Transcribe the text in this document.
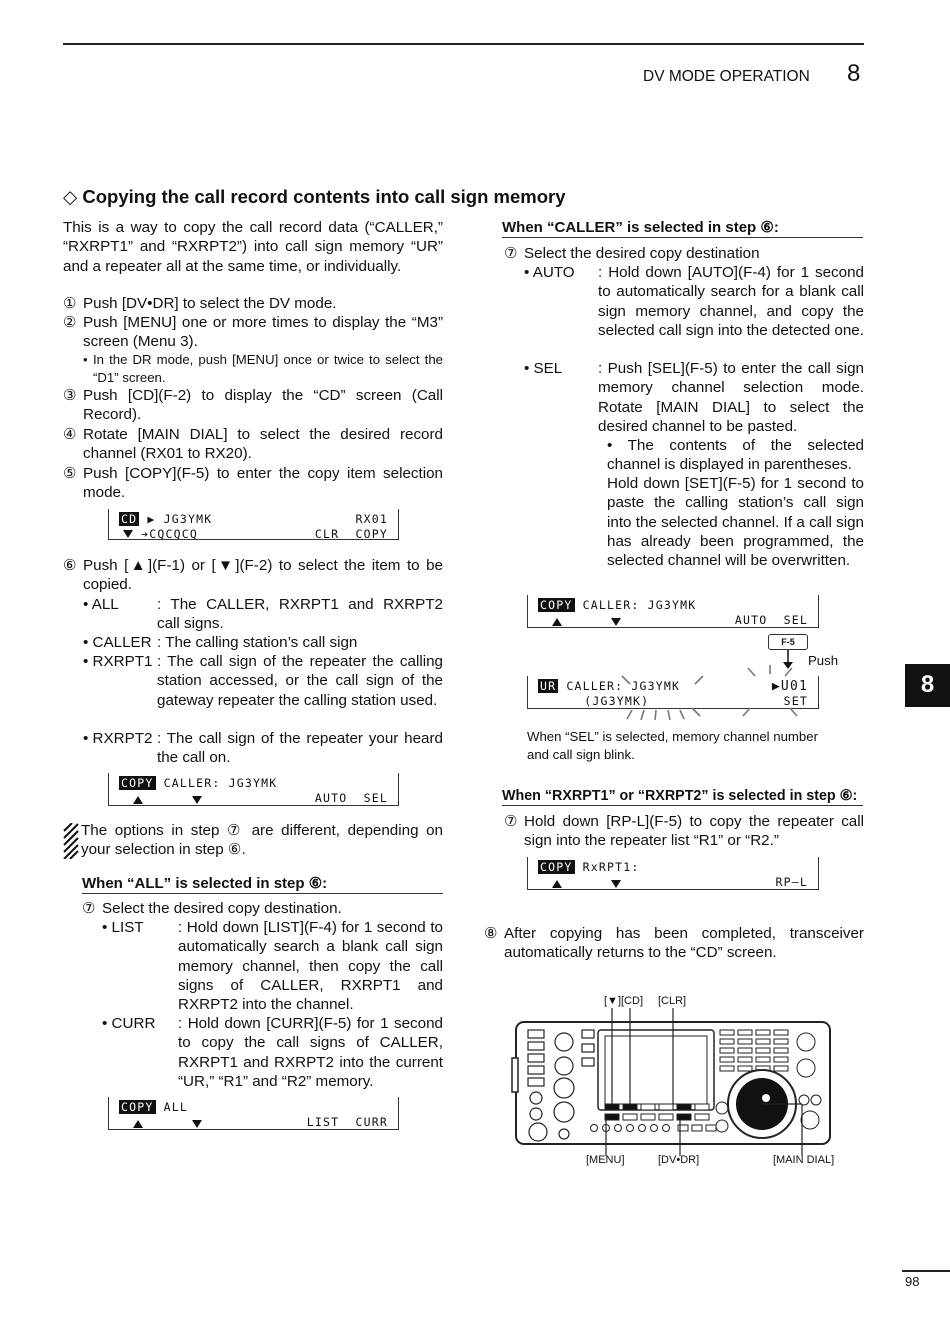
DV MODE OPERATION 8
◇ Copying the call record contents into call sign memory
This is a way to copy the call record data (“CALLER,” “RXRPT1” and “RXRPT2”) into call sign memory “UR” and a repeater all at the same time, or individually.
① Push [DV•DR] to select the DV mode.
② Push [MENU] one or more times to display the “M3” screen (Menu 3).
• In the DR mode, push [MENU] once or twice to select the “D1” screen.
③ Push [CD](F-2) to display the “CD” screen (Call Record).
④ Rotate [MAIN DIAL] to select the desired record channel (RX01 to RX20).
⑤ Push [COPY](F-5) to enter the copy item selection mode.
CD ▶ JG3YMK	RX01
➔CQCQCQ	CLR  COPY
⑥ Push [▲](F-1) or [▼](F-2) to select the item to be copied.
• ALL	: The CALLER, RXRPT1 and RXRPT2 call signs.
• CALLER : The calling station’s call sign
• RXRPT1 : The call sign of the repeater the calling station accessed, or the call sign of the gateway repeater the calling station used.
• RXRPT2 : The call sign of the repeater your heard the call on.
COPY CALLER: JG3YMK

AUTO  SEL
The options in step ⑦ are different, depending on your selection in step ⑥.
When “ALL” is selected in step ⑥:
⑦ Select the desired copy destination.
• LIST : Hold down [LIST](F-4) for 1 second to automatically search a blank call sign memory channel, then copy the call signs of CALLER, RXRPT1 and RXRPT2 into the channel.
• CURR : Hold down [CURR](F-5) for 1 second to copy the call signs of CALLER, RXRPT1 and RXRPT2 into the current “UR,” “R1” and “R2” memory.
COPY ALL

LIST  CURR
When “CALLER” is selected in step ⑥:
⑦ Select the desired copy destination
• AUTO : Hold down [AUTO](F-4) for 1 second to automatically search for a blank call sign memory channel, and copy the selected call sign into the detected one.
• SEL : Push [SEL](F-5) to enter the call sign memory channel selection mode. Rotate [MAIN DIAL] to select the desired channel to be pasted.
• The contents of the selected channel is displayed in parentheses.
Hold down [SET](F-5) for 1 second to paste the calling station’s call sign into the selected channel. If a call sign has already been programmed, the selected channel will be overwritten.
COPY CALLER: JG3YMK

AUTO  SEL
F-5
Push
UR CALLER: JG3YMK	▶U01
(JG3YMK)	SET
When “SEL” is selected, memory channel number and call sign blink.
When “RXRPT1” or “RXRPT2” is selected in step ⑥:
⑦ Hold down [RP-L](F-5) to copy the repeater call sign into the repeater list “R1” or “R2.”
COPY RxRPT1:

RP–L
⑧ After copying has been completed, transceiver automatically returns to the “CD” screen.
[▼][CD] [CLR]
[MENU]	[DV•DR]	[MAIN DIAL]
8
98
